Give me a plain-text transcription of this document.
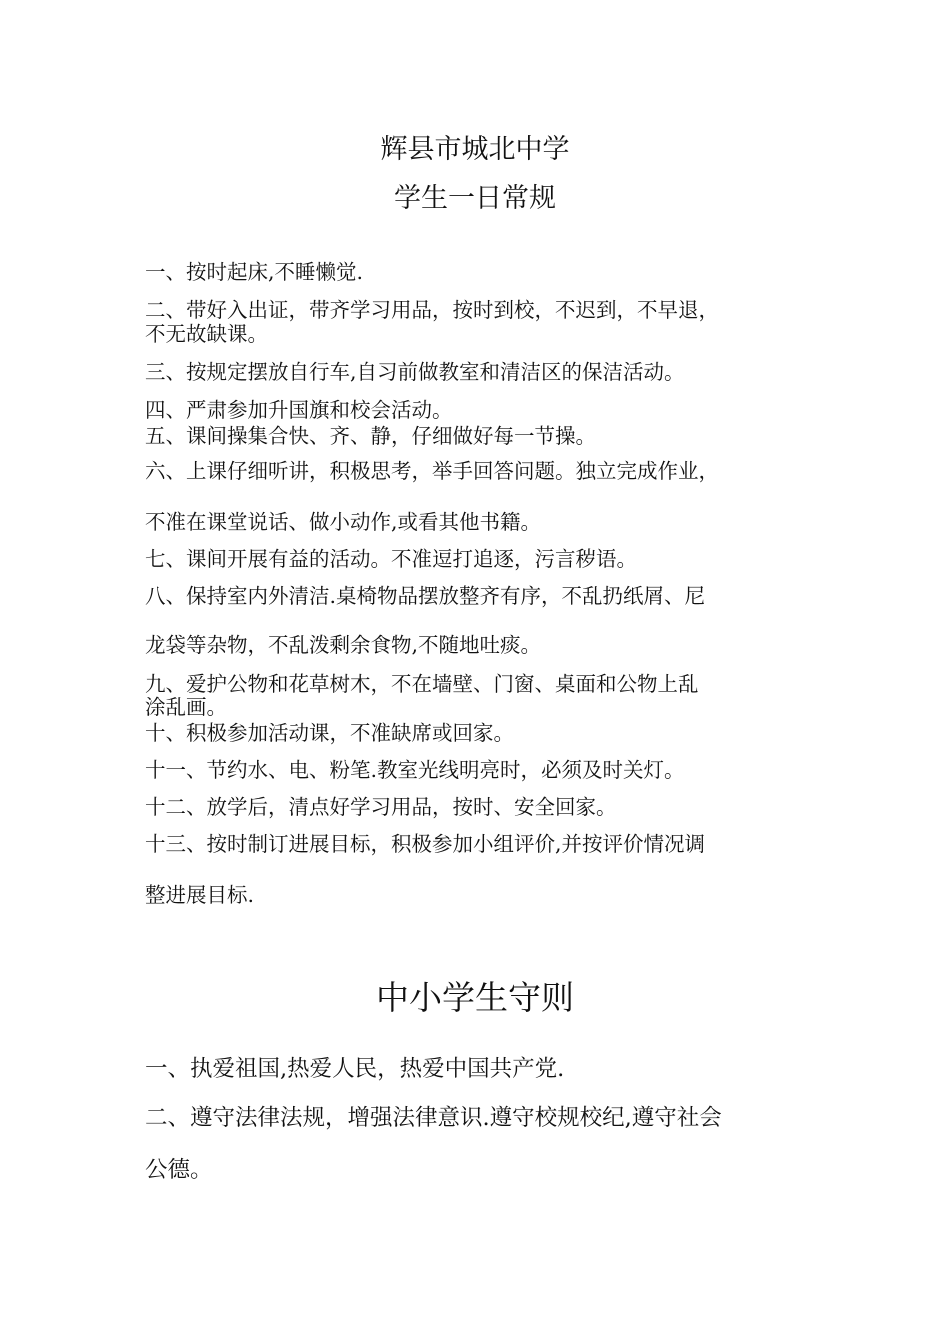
辉县市城北中学
学生一日常规
一、按时起床,不睡懒觉.
二、带好入出证，带齐学习用品，按时到校，不迟到，不早退，
不无故缺课。
三、按规定摆放自行车,自习前做教室和清洁区的保洁活动。
四、严肃参加升国旗和校会活动。
五、课间操集合快、齐、静，仔细做好每一节操。
六、上课仔细听讲，积极思考，举手回答问题。独立完成作业，
不准在课堂说话、做小动作,或看其他书籍。
七、课间开展有益的活动。不准逗打追逐，污言秽语。
八、保持室内外清洁.桌椅物品摆放整齐有序，不乱扔纸屑、尼
龙袋等杂物，不乱泼剩余食物,不随地吐痰。
九、爱护公物和花草树木，不在墙壁、门窗、桌面和公物上乱
涂乱画。
十、积极参加活动课，不准缺席或回家。
十一、节约水、电、粉笔.教室光线明亮时，必须及时关灯。
十二、放学后，清点好学习用品，按时、安全回家。
十三、按时制订进展目标，积极参加小组评价,并按评价情况调
整进展目标.
中小学生守则
一、执爱祖国,热爱人民，热爱中国共产党.
二、遵守法律法规，增强法律意识.遵守校规校纪,遵守社会
公德。
